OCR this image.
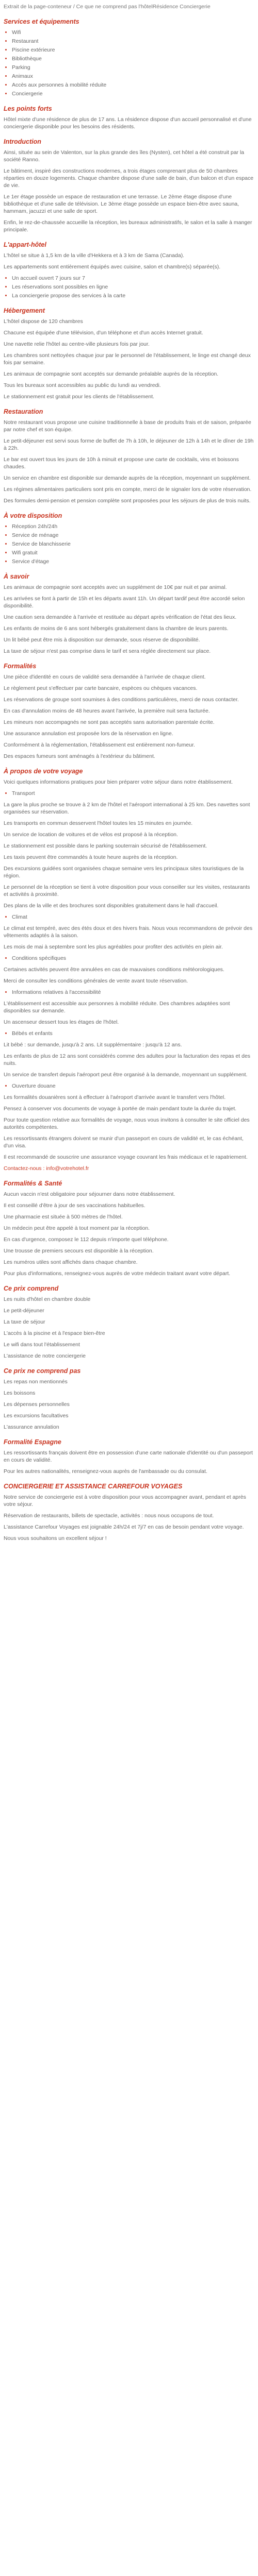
Extrait de la page-conteneur / Ce que ne comprend pas l'hôtelRésidence Conciergerie

Services et équipements
• Wifi
• Restaurant
• Piscine extérieure
• Bibliothèque
• Parking
• Animaux
• Accès aux personnes à mobilité réduite
• Conciergerie
Les points forts

Hôtel mixte d'une résidence de plus de 17 ans. La résidence dispose d'un accueil personnalisé et d'une conciergerie disponible pour les besoins des résidents.

Introduction

Ainsi, située au sein de Valenton, sur la plus grande des îles (Nysten), cet hôtel a été construit par la société Ranno.

Le bâtiment, inspiré des constructions modernes, a trois étages comprenant plus de 50 chambres réparties en douze logements. Chaque chambre dispose d'une salle de bain, d'un balcon et d'un espace de vie.

Le 1er étage possède un espace de restauration et une terrasse. Le 2ème étage dispose d'une bibliothèque et d'une salle de télévision. Le 3ème étage possède un espace bien-être avec sauna, hammam, jacuzzi et une salle de sport.

Enfin, le rez-de-chaussée accueille la réception, les bureaux administratifs, le salon et la salle à manger principale.

L'appart-hôtel

L'hôtel se situe à 1,5 km de la ville d'Hekkera et à 3 km de Sama (Canada).

Les appartements sont entièrement équipés avec cuisine, salon et chambre(s) séparée(s).

• Un accueil ouvert 7 jours sur 7
• Les réservations sont possibles en ligne
• La conciergerie propose des services à la carte
Hébergement

L'hôtel dispose de 120 chambres

Chacune est équipée d'une télévision, d'un téléphone et d'un accès Internet gratuit.

Une navette relie l'hôtel au centre-ville plusieurs fois par jour.

Les chambres sont nettoyées chaque jour par le personnel de l'établissement, le linge est changé deux fois par semaine.

Les animaux de compagnie sont acceptés sur demande préalable auprès de la réception.

Tous les bureaux sont accessibles au public du lundi au vendredi.

Le stationnement est gratuit pour les clients de l'établissement.

Restauration

Notre restaurant vous propose une cuisine traditionnelle à base de produits frais et de saison, préparée par notre chef et son équipe.

Le petit-déjeuner est servi sous forme de buffet de 7h à 10h, le déjeuner de 12h à 14h et le dîner de 19h à 22h.

Le bar est ouvert tous les jours de 10h à minuit et propose une carte de cocktails, vins et boissons chaudes.

Un service en chambre est disponible sur demande auprès de la réception, moyennant un supplément.

Les régimes alimentaires particuliers sont pris en compte, merci de le signaler lors de votre réservation.

Des formules demi-pension et pension complète sont proposées pour les séjours de plus de trois nuits.

À votre disposition
• Réception 24h/24h
• Service de ménage
• Service de blanchisserie
• Wifi gratuit
• Service d'étage
À savoir

Les animaux de compagnie sont acceptés avec un supplément de 10€ par nuit et par animal.

Les arrivées se font à partir de 15h et les départs avant 11h. Un départ tardif peut être accordé selon disponibilité.

Une caution sera demandée à l'arrivée et restituée au départ après vérification de l'état des lieux.

Les enfants de moins de 6 ans sont hébergés gratuitement dans la chambre de leurs parents.

Un lit bébé peut être mis à disposition sur demande, sous réserve de disponibilité.

La taxe de séjour n'est pas comprise dans le tarif et sera réglée directement sur place.

Formalités

Une pièce d'identité en cours de validité sera demandée à l'arrivée de chaque client.

Le règlement peut s'effectuer par carte bancaire, espèces ou chèques vacances.

Les réservations de groupe sont soumises à des conditions particulières, merci de nous contacter.

En cas d'annulation moins de 48 heures avant l'arrivée, la première nuit sera facturée.

Les mineurs non accompagnés ne sont pas acceptés sans autorisation parentale écrite.

Une assurance annulation est proposée lors de la réservation en ligne.

Conformément à la réglementation, l'établissement est entièrement non-fumeur.

Des espaces fumeurs sont aménagés à l'extérieur du bâtiment.

À propos de votre voyage

Voici quelques informations pratiques pour bien préparer votre séjour dans notre établissement.

• Transport

La gare la plus proche se trouve à 2 km de l'hôtel et l'aéroport international à 25 km. Des navettes sont organisées sur réservation.

Les transports en commun desservent l'hôtel toutes les 15 minutes en journée.

Un service de location de voitures et de vélos est proposé à la réception.

Le stationnement est possible dans le parking souterrain sécurisé de l'établissement.

Les taxis peuvent être commandés à toute heure auprès de la réception.

Des excursions guidées sont organisées chaque semaine vers les principaux sites touristiques de la région.

Le personnel de la réception se tient à votre disposition pour vous conseiller sur les visites, restaurants et activités à proximité.

Des plans de la ville et des brochures sont disponibles gratuitement dans le hall d'accueil.

• Climat

Le climat est tempéré, avec des étés doux et des hivers frais. Nous vous recommandons de prévoir des vêtements adaptés à la saison.

Les mois de mai à septembre sont les plus agréables pour profiter des activités en plein air.

• Conditions spécifiques

Certaines activités peuvent être annulées en cas de mauvaises conditions météorologiques.

Merci de consulter les conditions générales de vente avant toute réservation.

• Informations relatives à l'accessibilité

L'établissement est accessible aux personnes à mobilité réduite. Des chambres adaptées sont disponibles sur demande.

Un ascenseur dessert tous les étages de l'hôtel.

• Bébés et enfants

Lit bébé : sur demande, jusqu'à 2 ans. Lit supplémentaire : jusqu'à 12 ans.

Les enfants de plus de 12 ans sont considérés comme des adultes pour la facturation des repas et des nuits.

Un service de transfert depuis l'aéroport peut être organisé à la demande, moyennant un supplément.

• Ouverture douane

Les formalités douanières sont à effectuer à l'aéroport d'arrivée avant le transfert vers l'hôtel.

Pensez à conserver vos documents de voyage à portée de main pendant toute la durée du trajet.

Pour toute question relative aux formalités de voyage, nous vous invitons à consulter le site officiel des autorités compétentes.

Les ressortissants étrangers doivent se munir d'un passeport en cours de validité et, le cas échéant, d'un visa.

Il est recommandé de souscrire une assurance voyage couvrant les frais médicaux et le rapatriement.

Contactez-nous : info@votrehotel.fr

Formalités & Santé

Aucun vaccin n'est obligatoire pour séjourner dans notre établissement.

Il est conseillé d'être à jour de ses vaccinations habituelles.

Une pharmacie est située à 500 mètres de l'hôtel.

Un médecin peut être appelé à tout moment par la réception.

En cas d'urgence, composez le 112 depuis n'importe quel téléphone.

Une trousse de premiers secours est disponible à la réception.

Les numéros utiles sont affichés dans chaque chambre.

Pour plus d'informations, renseignez-vous auprès de votre médecin traitant avant votre départ.

Ce prix comprend

Les nuits d'hôtel en chambre double

Le petit-déjeuner

La taxe de séjour

L'accès à la piscine et à l'espace bien-être

Le wifi dans tout l'établissement

L'assistance de notre conciergerie

Ce prix ne comprend pas

Les repas non mentionnés

Les boissons

Les dépenses personnelles

Les excursions facultatives

L'assurance annulation

Formalité Espagne

Les ressortissants français doivent être en possession d'une carte nationale d'identité ou d'un passeport en cours de validité.

Pour les autres nationalités, renseignez-vous auprès de l'ambassade ou du consulat.

CONCIERGERIE ET ASSISTANCE CARREFOUR VOYAGES

Notre service de conciergerie est à votre disposition pour vous accompagner avant, pendant et après votre séjour.

Réservation de restaurants, billets de spectacle, activités : nous nous occupons de tout.

L'assistance Carrefour Voyages est joignable 24h/24 et 7j/7 en cas de besoin pendant votre voyage.

Nous vous souhaitons un excellent séjour !
